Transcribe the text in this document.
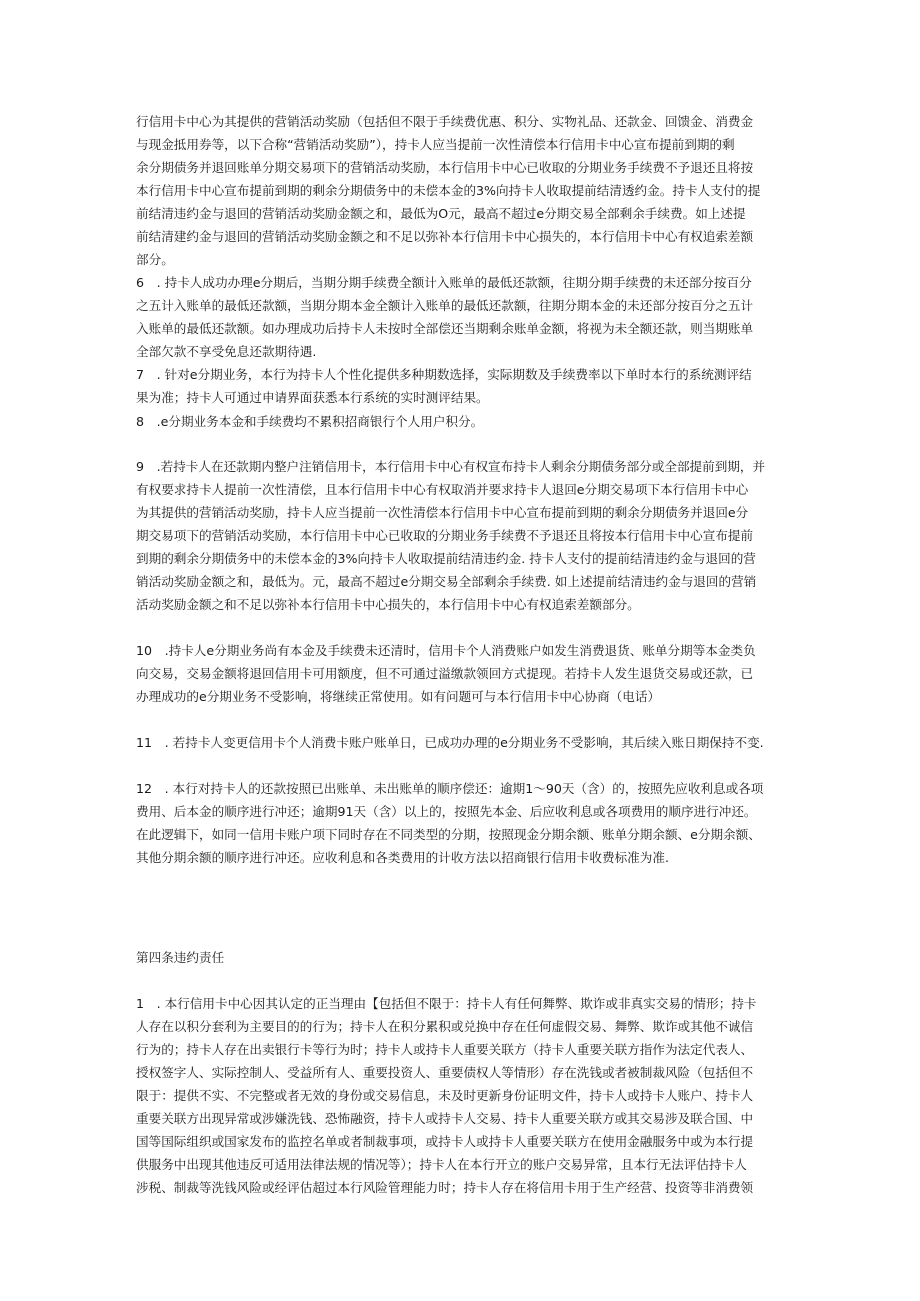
行信用卡中心为其提供的营销活动奖励（包括但不限于手续费优惠、积分、实物礼品、还款金、回馈金、消费金
与现金抵用券等，以下合称“营销活动奖励”），持卡人应当提前一次性清偿本行信用卡中心宣布提前到期的剩
余分期债务并退回账单分期交易项下的营销活动奖励，本行信用卡中心已收取的分期业务手续费不予退还且将按
本行信用卡中心宣布提前到期的剩余分期债务中的未偿本金的3%向持卡人收取提前结清透约金。持卡人支付的提
前结清违约金与退回的营销活动奖励金额之和，最低为O元，最高不超过e分期交易全部剩余手续费。如上述提
前结清建约金与退回的营销活动奖励金额之和不足以弥补本行信用卡中心损失的，本行信用卡中心有权追索差额
部分。
6　. 持卡人成功办理e分期后，当期分期手续费全额计入账单的最低还款额，往期分期手续费的未还部分按百分
之五计入账单的最低还款额，当期分期本金全额计入账单的最低还款额，往期分期本金的未还部分按百分之五计
入账单的最低还款额。如办理成功后持卡人未按时全部偿还当期剩余账单金额，将视为未全额还款，则当期账单
全部欠款不享受免息还款期待遇.
7　. 针对e分期业务，本行为持卡人个性化提供多种期数选择，实际期数及手续费率以下单时本行的系统测评结
果为准；持卡人可通过申请界面获悉本行系统的实时测评结果。
8　.e分期业务本金和手续费均不累积招商银行个人用户积分。
9　.若持卡人在还款期内整户注销信用卡，本行信用卡中心有权宣布持卡人剩余分期债务部分或全部提前到期，并
有权要求持卡人提前一次性清偿，且本行信用卡中心有权取消并要求持卡人退回e分期交易项下本行信用卡中心
为其提供的营销活动奖励，持卡人应当提前一次性清偿本行信用卡中心宣布提前到期的剩余分期债务并退回e分
期交易项下的营销活动奖励，本行信用卡中心已收取的分期业务手续费不予退还且将按本行信用卡中心宣布提前
到期的剩余分期债务中的未偿本金的3%向持卡人收取提前结清违约金. 持卡人支付的提前结清违约金与退回的营
销活动奖励金额之和，最低为。元，最高不超过e分期交易全部剩余手续费. 如上述提前结清违约金与退回的营销
活动奖励金额之和不足以弥补本行信用卡中心损失的，本行信用卡中心有权追索差额部分。
10　.持卡人e分期业务尚有本金及手续费未还清时，信用卡个人消费账户如发生消费退货、账单分期等本金类负
向交易，交易金额将退回信用卡可用额度，但不可通过溢缴款领回方式提现。若持卡人发生退货交易或还款，已
办理成功的e分期业务不受影响，将继续正常使用。如有问题可与本行信用卡中心协商（电话）
11　. 若持卡人变更信用卡个人消费卡账户账单日，已成功办理的e分期业务不受影响，其后续入账日期保持不变.
12　. 本行对持卡人的还款按照已出账单、未出账单的顺序偿还：逾期1～90天（含）的，按照先应收利息或各项
费用、后本金的顺序进行冲还；逾期91天（含）以上的，按照先本金、后应收利息或各项费用的顺序进行冲还。
在此逻辑下，如同一信用卡账户项下同时存在不同类型的分期，按照现金分期余额、账单分期余额、e分期余额、
其他分期余额的顺序进行冲还。应收利息和各类费用的计收方法以招商银行信用卡收费标准为准.
第四条违约责任
1　. 本行信用卡中心因其认定的正当理由【包括但不限于：持卡人有任何舞弊、欺诈或非真实交易的情形；持卡
人存在以积分套利为主要目的的行为；持卡人在积分累积或兑换中存在任何虚假交易、舞弊、欺诈或其他不诚信
行为的；持卡人存在出卖银行卡等行为时；持卡人或持卡人重要关联方（持卡人重要关联方指作为法定代表人、
授权签字人、实际控制人、受益所有人、重要投资人、重要债权人等情形）存在洗钱或者被制裁风险（包括但不
限于：提供不实、不完整或者无效的身份或交易信息，未及时更新身份证明文件，持卡人或持卡人账户、持卡人
重要关联方出现异常或涉嫌洗钱、恐怖融资，持卡人或持卡人交易、持卡人重要关联方或其交易涉及联合国、中
国等国际组织或国家发布的监控名单或者制裁事项，或持卡人或持卡人重要关联方在使用金融服务中或为本行提
供服务中出现其他违反可适用法律法规的情况等）；持卡人在本行开立的账户交易异常，且本行无法评估持卡人
涉税、制裁等洗钱风险或经评估超过本行风险管理能力时；持卡人存在将信用卡用于生产经营、投资等非消费领
